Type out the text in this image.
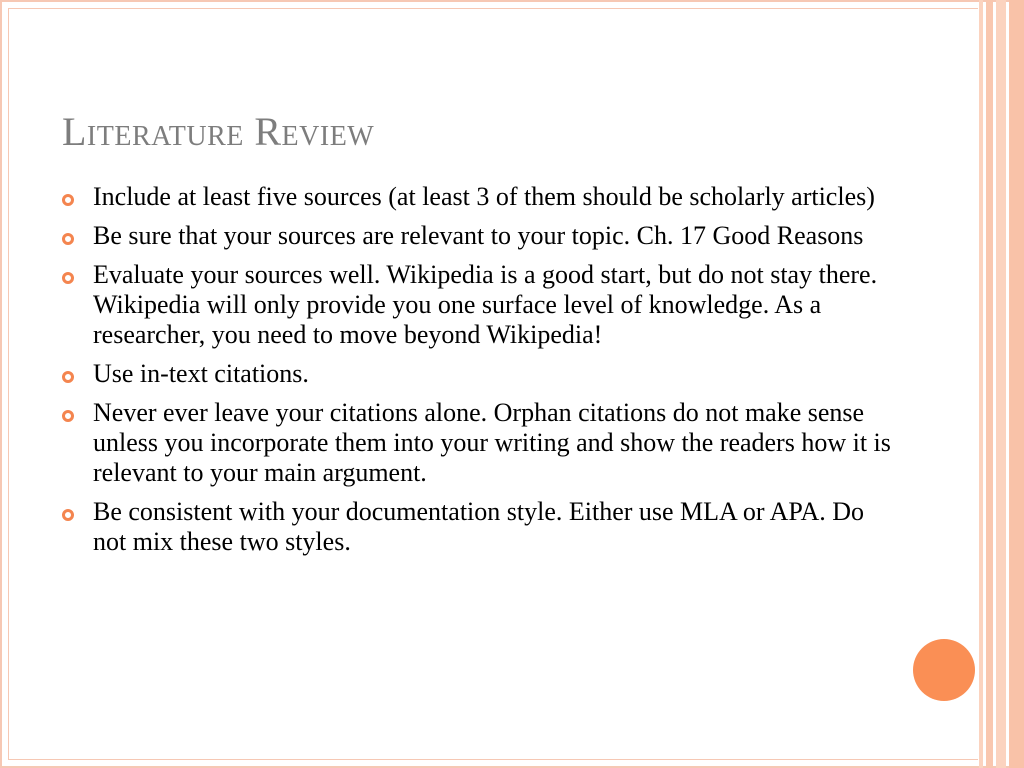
Literature Review
Include at least five sources (at least 3 of them should be scholarly articles)
Be sure that your sources are relevant to your topic. Ch. 17 Good Reasons
Evaluate your sources well. Wikipedia is a good start, but do not stay there.  Wikipedia will only provide you one surface level of knowledge. As a researcher, you need to move beyond Wikipedia!
Use in-text citations.
Never ever leave your citations alone. Orphan citations do not make sense unless you incorporate them into your writing and show the readers how it is relevant to your main argument.
Be consistent with your documentation style. Either use MLA or APA. Do not mix these two styles.
